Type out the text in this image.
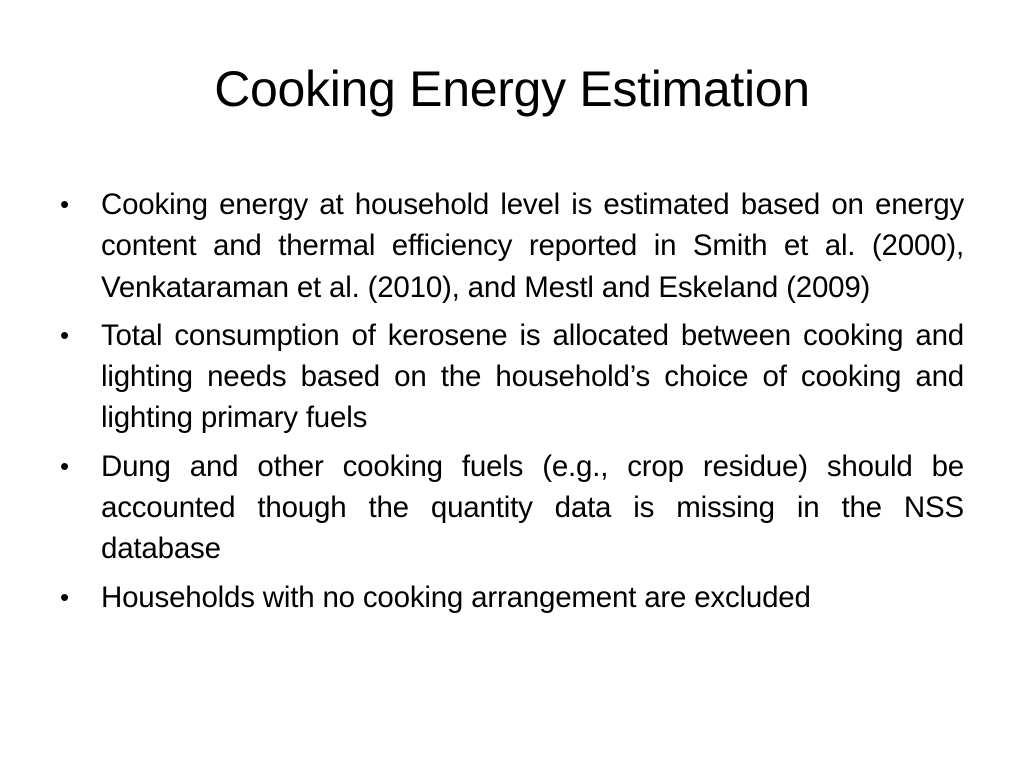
Cooking Energy Estimation
•	Cooking energy at household level is estimated based on energy content and thermal efficiency reported in Smith et al. (2000), Venkataraman et al. (2010), and Mestl and Eskeland (2009)
•	Total consumption of kerosene is allocated between cooking and lighting needs based on the household’s choice of cooking and lighting primary fuels
•	Dung and other cooking fuels (e.g., crop residue) should be accounted though the quantity data is missing in the NSS database
•	Households with no cooking arrangement are excluded
